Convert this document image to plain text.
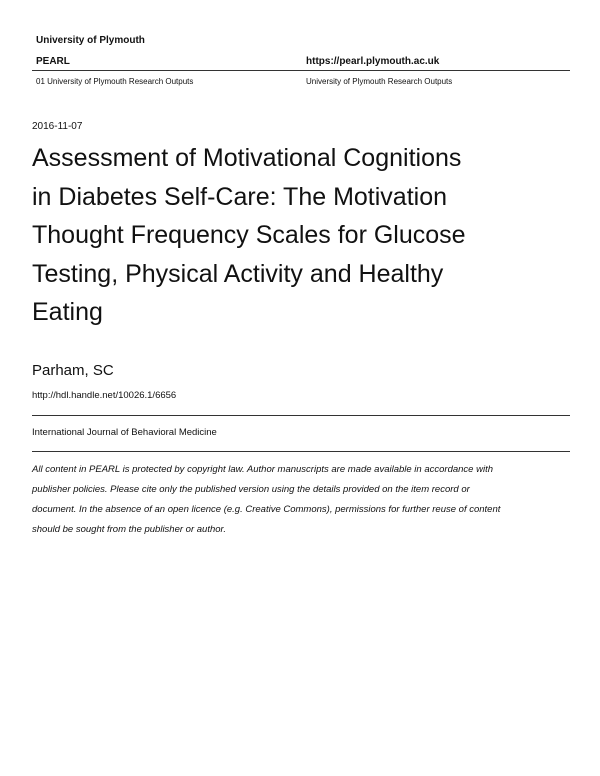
University of Plymouth
PEARL	https://pearl.plymouth.ac.uk
01 University of Plymouth Research Outputs	University of Plymouth Research Outputs
2016-11-07
Assessment of Motivational Cognitions
in Diabetes Self-Care: The Motivation
Thought Frequency Scales for Glucose
Testing, Physical Activity and Healthy
Eating
Parham, SC
http://hdl.handle.net/10026.1/6656
International Journal of Behavioral Medicine
All content in PEARL is protected by copyright law. Author manuscripts are made available in accordance with
publisher policies. Please cite only the published version using the details provided on the item record or
document. In the absence of an open licence (e.g. Creative Commons), permissions for further reuse of content
should be sought from the publisher or author.
